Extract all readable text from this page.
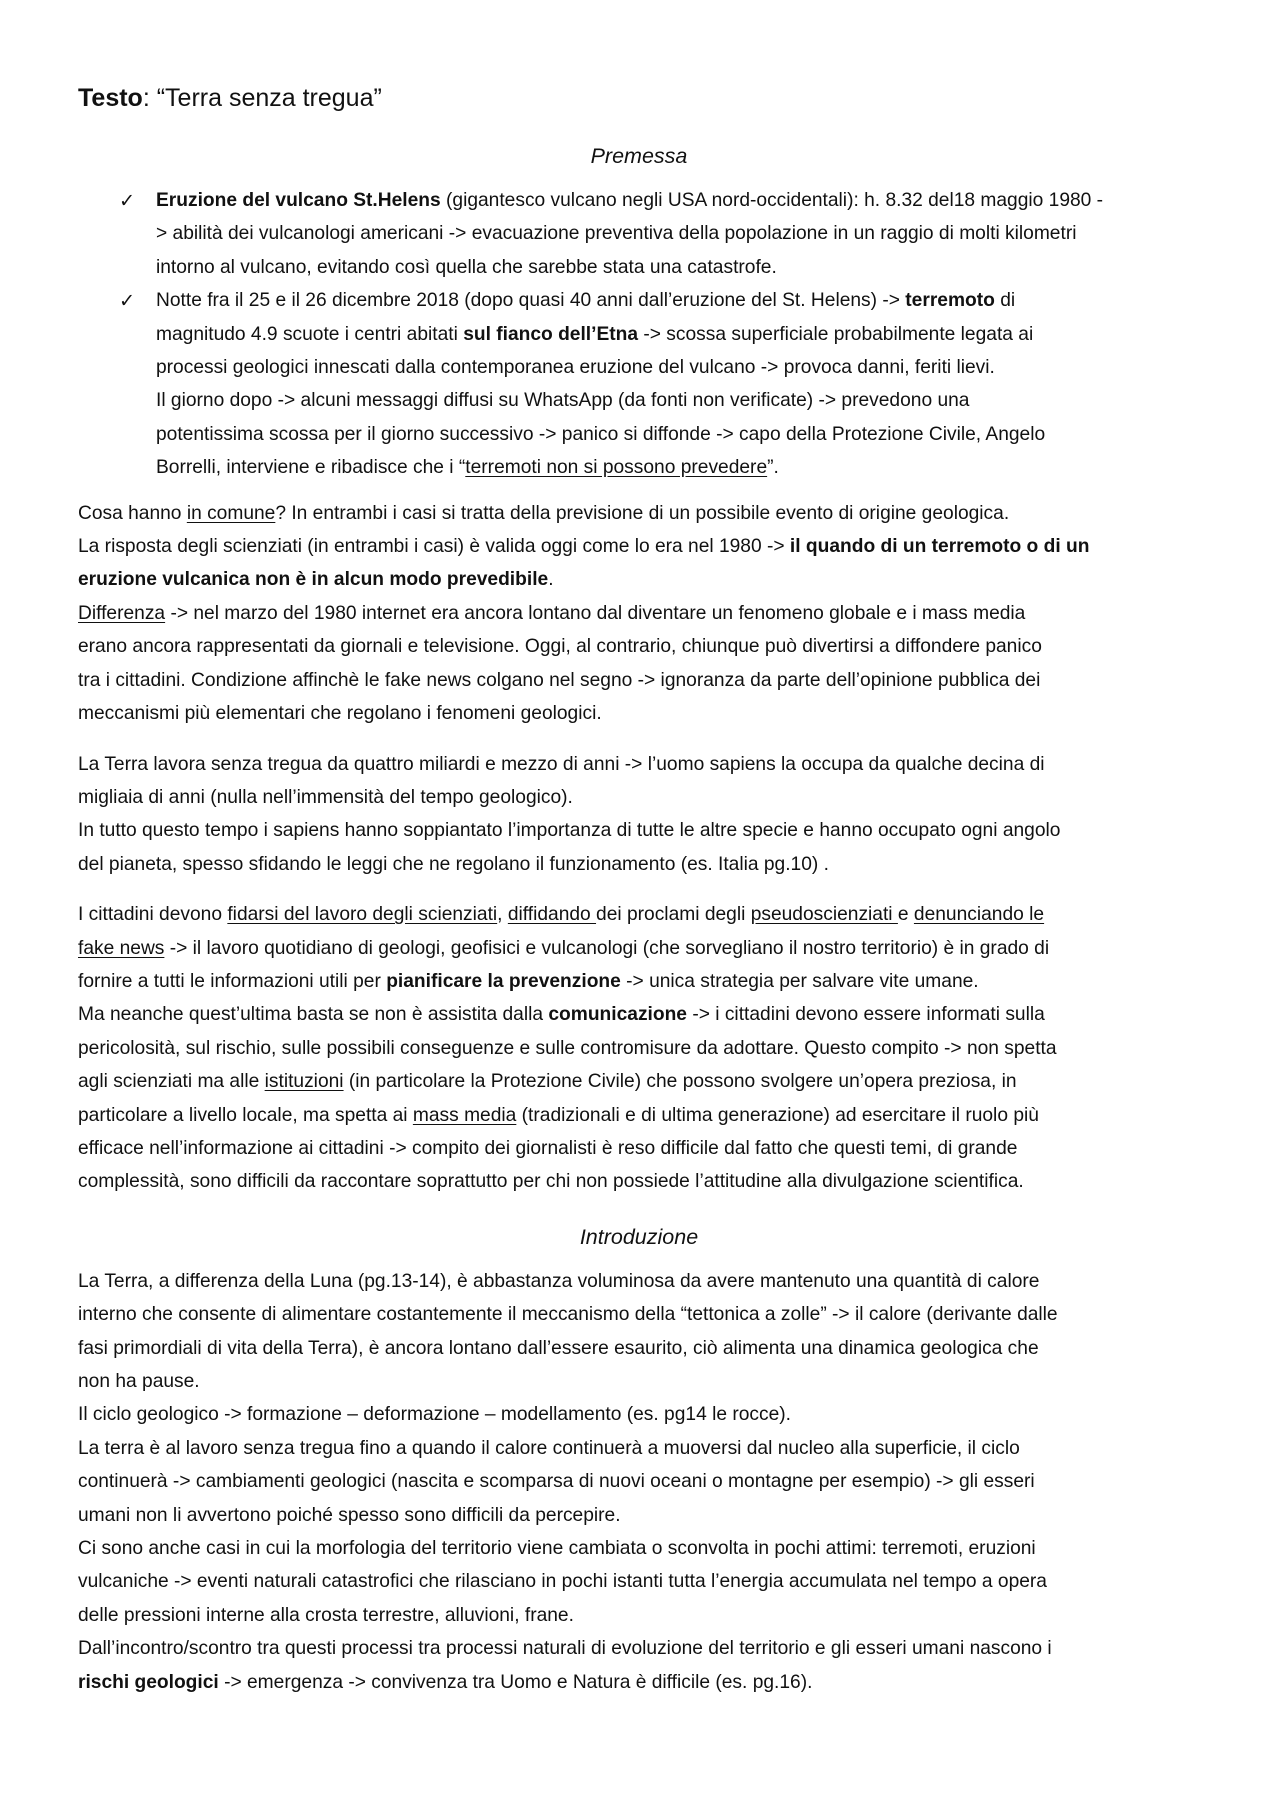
Testo: “Terra senza tregua”
Premessa
✓ Eruzione del vulcano St.Helens (gigantesco vulcano negli USA nord-occidentali): h. 8.32 del18 maggio 1980 -
> abilità dei vulcanologi americani -> evacuazione preventiva della popolazione in un raggio di molti kilometri
intorno al vulcano, evitando così quella che sarebbe stata una catastrofe.
✓ Notte fra il 25 e il 26 dicembre 2018 (dopo quasi 40 anni dall’eruzione del St. Helens) -> terremoto di
magnitudo 4.9 scuote i centri abitati sul fianco dell’Etna -> scossa superficiale probabilmente legata ai
processi geologici innescati dalla contemporanea eruzione del vulcano -> provoca danni, feriti lievi.
Il giorno dopo -> alcuni messaggi diffusi su WhatsApp (da fonti non verificate) -> prevedono una
potentissima scossa per il giorno successivo -> panico si diffonde -> capo della Protezione Civile, Angelo
Borrelli, interviene e ribadisce che i “terremoti non si possono prevedere”.

Cosa hanno in comune? In entrambi i casi si tratta della previsione di un possibile evento di origine geologica.
La risposta degli scienziati (in entrambi i casi) è valida oggi come lo era nel 1980 -> il quando di un terremoto o di un
eruzione vulcanica non è in alcun modo prevedibile.
Differenza -> nel marzo del 1980 internet era ancora lontano dal diventare un fenomeno globale e i mass media
erano ancora rappresentati da giornali e televisione. Oggi, al contrario, chiunque può divertirsi a diffondere panico
tra i cittadini. Condizione affinchè le fake news colgano nel segno -> ignoranza da parte dell’opinione pubblica dei
meccanismi più elementari che regolano i fenomeni geologici.

La Terra lavora senza tregua da quattro miliardi e mezzo di anni -> l’uomo sapiens la occupa da qualche decina di
migliaia di anni (nulla nell’immensità del tempo geologico).
In tutto questo tempo i sapiens hanno soppiantato l’importanza di tutte le altre specie e hanno occupato ogni angolo
del pianeta, spesso sfidando le leggi che ne regolano il funzionamento (es. Italia pg.10) .

I cittadini devono fidarsi del lavoro degli scienziati, diffidando dei proclami degli pseudoscienziati e denunciando le
fake news -> il lavoro quotidiano di geologi, geofisici e vulcanologi (che sorvegliano il nostro territorio) è in grado di
fornire a tutti le informazioni utili per pianificare la prevenzione -> unica strategia per salvare vite umane.
Ma neanche quest’ultima basta se non è assistita dalla comunicazione -> i cittadini devono essere informati sulla
pericolosità, sul rischio, sulle possibili conseguenze e sulle contromisure da adottare. Questo compito -> non spetta
agli scienziati ma alle istituzioni (in particolare la Protezione Civile) che possono svolgere un’opera preziosa, in
particolare a livello locale, ma spetta ai mass media (tradizionali e di ultima generazione) ad esercitare il ruolo più
efficace nell’informazione ai cittadini -> compito dei giornalisti è reso difficile dal fatto che questi temi, di grande
complessità, sono difficili da raccontare soprattutto per chi non possiede l’attitudine alla divulgazione scientifica.

Introduzione

La Terra, a differenza della Luna (pg.13-14), è abbastanza voluminosa da avere mantenuto una quantità di calore
interno che consente di alimentare costantemente il meccanismo della “tettonica a zolle” -> il calore (derivante dalle
fasi primordiali di vita della Terra), è ancora lontano dall’essere esaurito, ciò alimenta una dinamica geologica che
non ha pause.
Il ciclo geologico -> formazione – deformazione – modellamento (es. pg14 le rocce).
La terra è al lavoro senza tregua fino a quando il calore continuerà a muoversi dal nucleo alla superficie, il ciclo
continuerà -> cambiamenti geologici (nascita e scomparsa di nuovi oceani o montagne per esempio) -> gli esseri
umani non li avvertono poiché spesso sono difficili da percepire.
Ci sono anche casi in cui la morfologia del territorio viene cambiata o sconvolta in pochi attimi: terremoti, eruzioni
vulcaniche -> eventi naturali catastrofici che rilasciano in pochi istanti tutta l’energia accumulata nel tempo a opera
delle pressioni interne alla crosta terrestre, alluvioni, frane.
Dall’incontro/scontro tra questi processi tra processi naturali di evoluzione del territorio e gli esseri umani nascono i
rischi geologici -> emergenza -> convivenza tra Uomo e Natura è difficile (es. pg.16).
